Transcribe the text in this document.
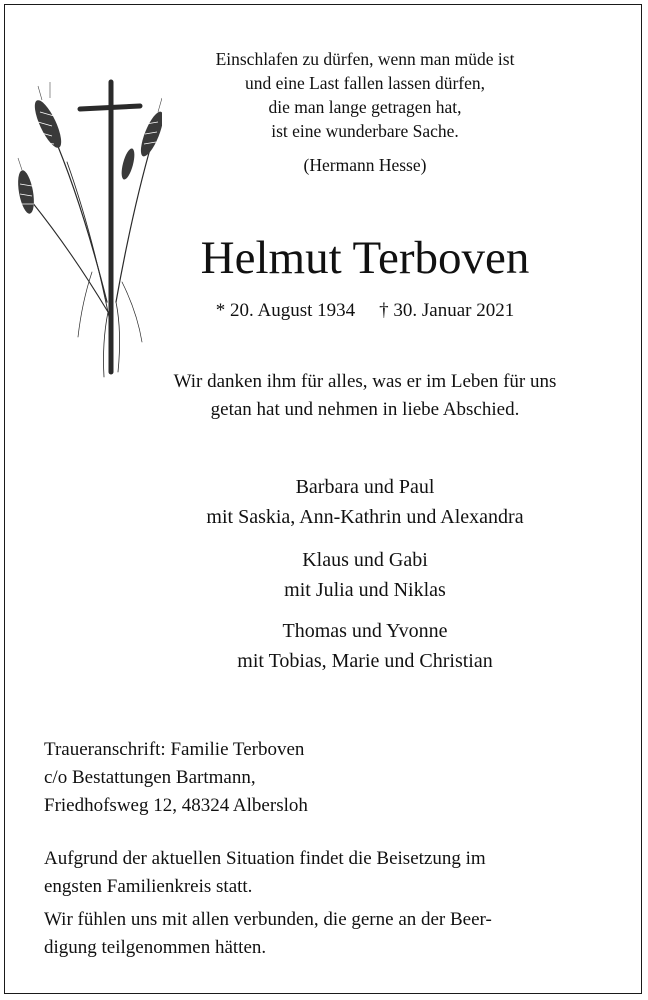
Einschlafen zu dürfen, wenn man müde ist
und eine Last fallen lassen dürfen,
die man lange getragen hat,
ist eine wunderbare Sache.
(Hermann Hesse)
Helmut Terboven
* 20. August 1934 † 30. Januar 2021
Wir danken ihm für alles, was er im Leben für uns
getan hat und nehmen in liebe Abschied.
Barbara und Paul
mit Saskia, Ann-Kathrin und Alexandra
Klaus und Gabi
mit Julia und Niklas
Thomas und Yvonne
mit Tobias, Marie und Christian
Traueranschrift: Familie Terboven
c/o Bestattungen Bartmann,
Friedhofsweg 12, 48324 Albersloh
Aufgrund der aktuellen Situation findet die Beisetzung im
engsten Familienkreis statt.
Wir fühlen uns mit allen verbunden, die gerne an der Beer-
digung teilgenommen hätten.
